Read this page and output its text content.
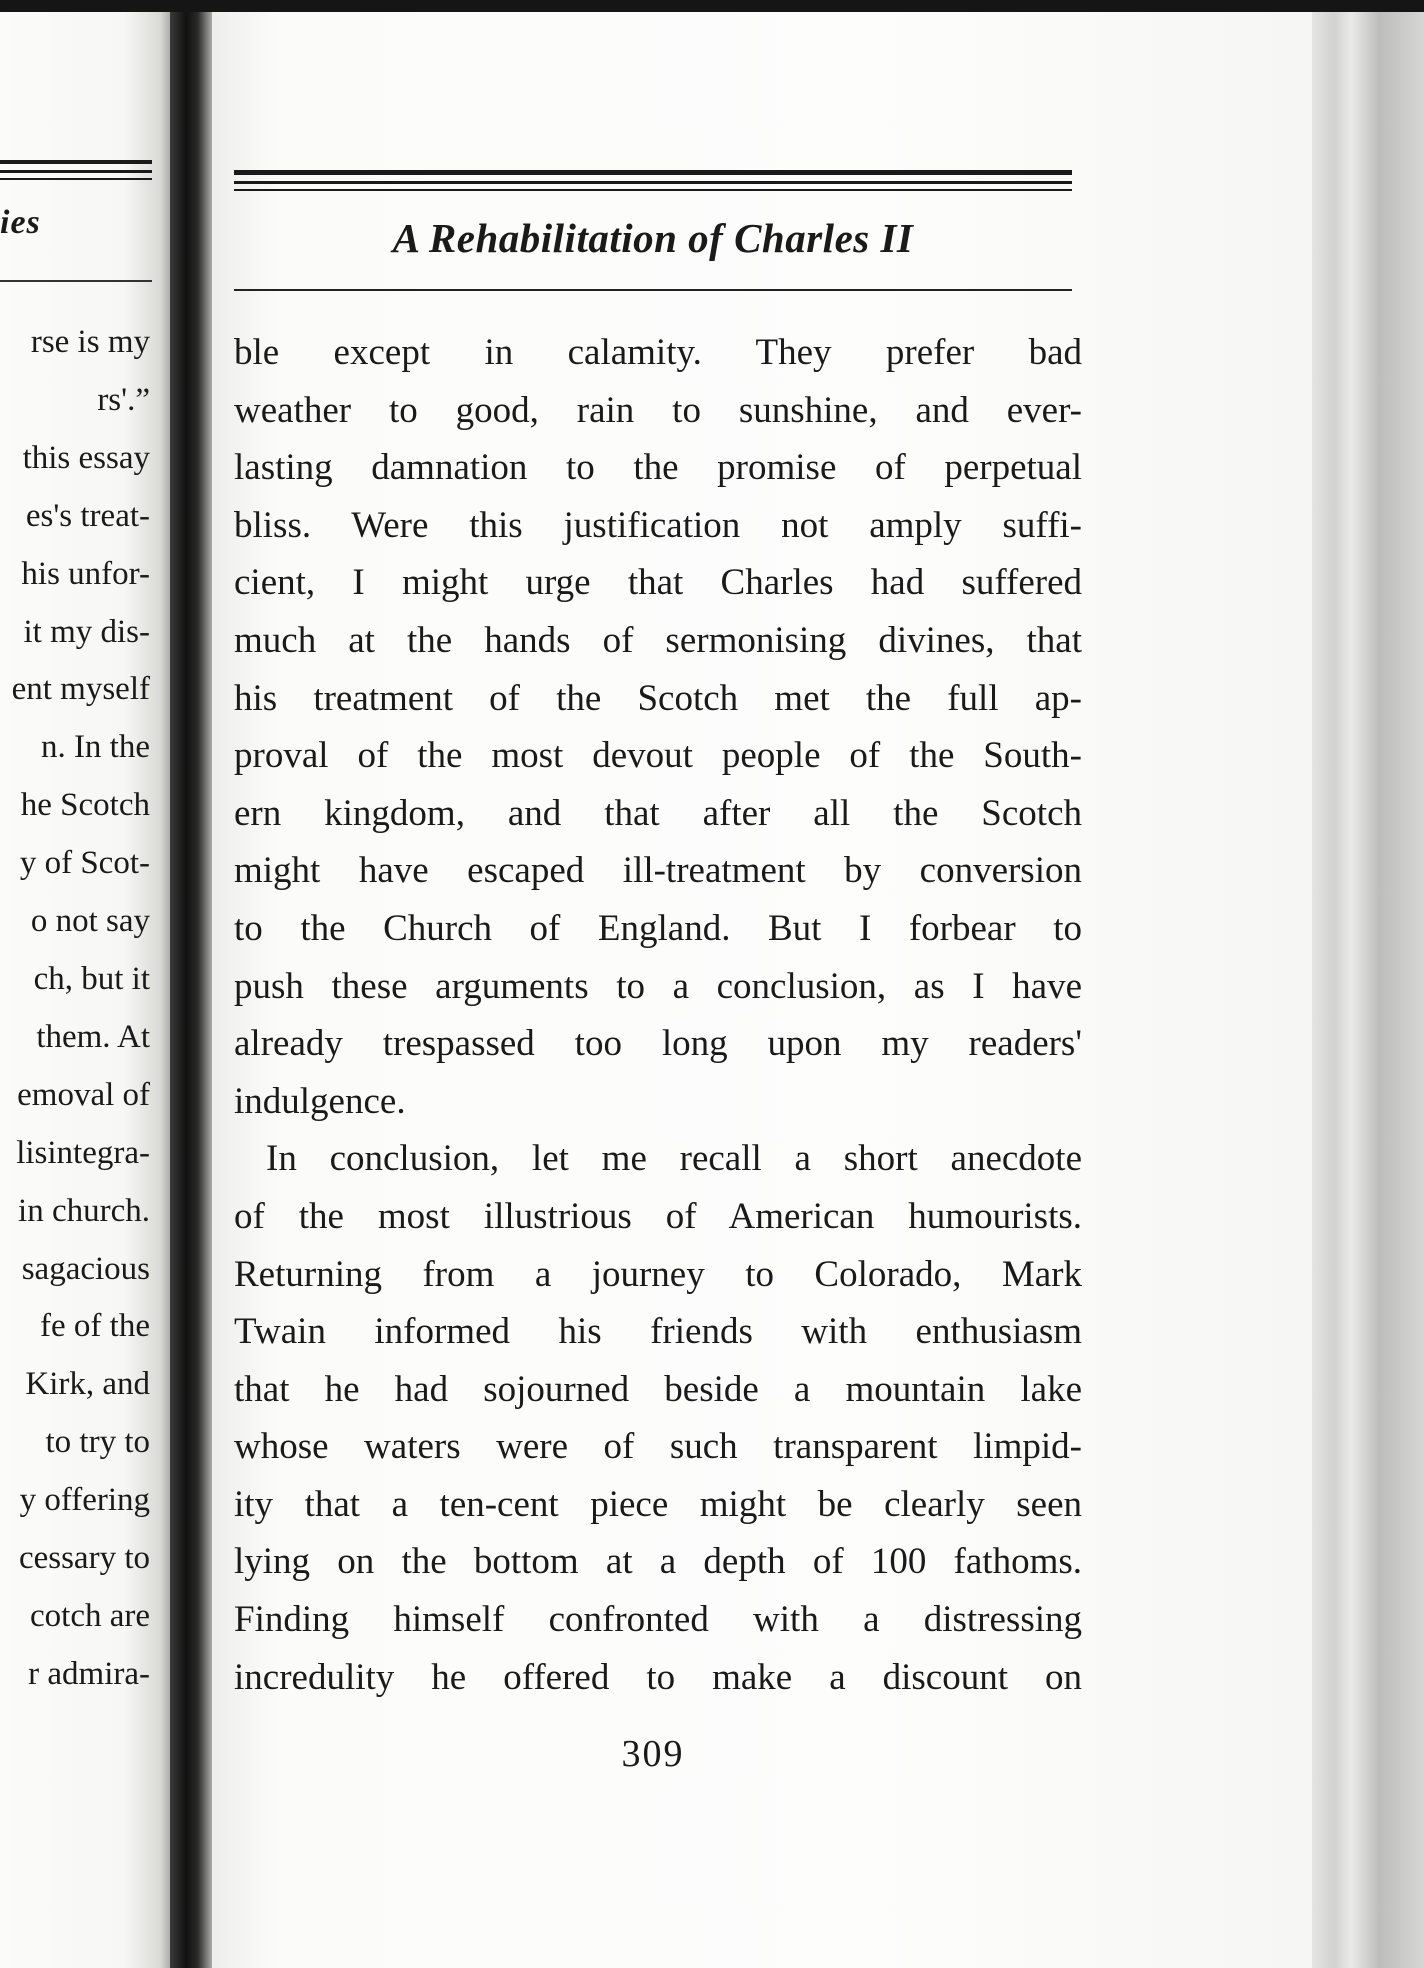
ies
rse is my
rs'.”
this essay
es's treat-
his unfor-
it my dis-
ent myself
n. In the
he Scotch
y of Scot-
o not say
ch, but it
them. At
emoval of
lisintegra-
in church.
sagacious
fe of the
Kirk, and
to try to
y offering
cessary to
cotch are
r admira-
A Rehabilitation of Charles II
ble except in calamity. They prefer bad
weather to good, rain to sunshine, and ever-
lasting damnation to the promise of perpetual
bliss. Were this justification not amply suffi-
cient, I might urge that Charles had suffered
much at the hands of sermonising divines, that
his treatment of the Scotch met the full ap-
proval of the most devout people of the South-
ern kingdom, and that after all the Scotch
might have escaped ill-treatment by conversion
to the Church of England. But I forbear to
push these arguments to a conclusion, as I have
already trespassed too long upon my readers'
indulgence.
In conclusion, let me recall a short anecdote
of the most illustrious of American humourists.
Returning from a journey to Colorado, Mark
Twain informed his friends with enthusiasm
that he had sojourned beside a mountain lake
whose waters were of such transparent limpid-
ity that a ten-cent piece might be clearly seen
lying on the bottom at a depth of 100 fathoms.
Finding himself confronted with a distressing
incredulity he offered to make a discount on
309
